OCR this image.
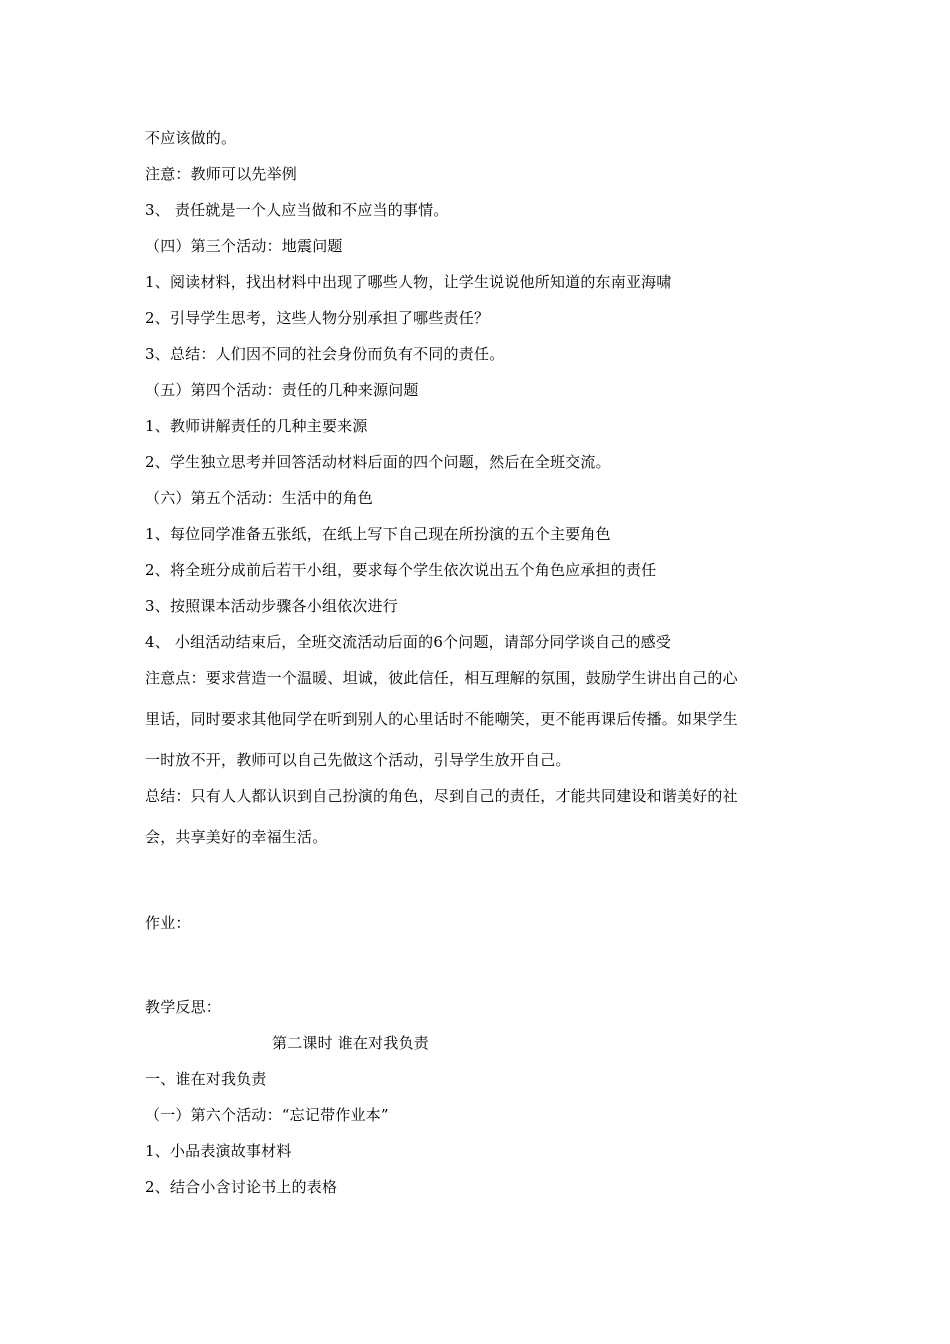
不应该做的。
注意：教师可以先举例
3、 责任就是一个人应当做和不应当的事情。
（四）第三个活动：地震问题
1、阅读材料，找出材料中出现了哪些人物，让学生说说他所知道的东南亚海啸
2、引导学生思考，这些人物分别承担了哪些责任？
3、总结：人们因不同的社会身份而负有不同的责任。
（五）第四个活动：责任的几种来源问题
1、教师讲解责任的几种主要来源
2、学生独立思考并回答活动材料后面的四个问题，然后在全班交流。
（六）第五个活动：生活中的角色
1、每位同学准备五张纸，在纸上写下自己现在所扮演的五个主要角色
2、将全班分成前后若干小组，要求每个学生依次说出五个角色应承担的责任
3、按照课本活动步骤各小组依次进行
4、 小组活动结束后，全班交流活动后面的6个问题，请部分同学谈自己的感受
注意点：要求营造一个温暖、坦诚，彼此信任，相互理解的氛围，鼓励学生讲出自己的心
里话，同时要求其他同学在听到别人的心里话时不能嘲笑，更不能再课后传播。如果学生
一时放不开，教师可以自己先做这个活动，引导学生放开自己。
总结：只有人人都认识到自己扮演的角色，尽到自己的责任，才能共同建设和谐美好的社
会，共享美好的幸福生活。
作业：
教学反思：
第二课时 谁在对我负责
一、谁在对我负责
（一）第六个活动：“忘记带作业本”
1、小品表演故事材料
2、结合小含讨论书上的表格
